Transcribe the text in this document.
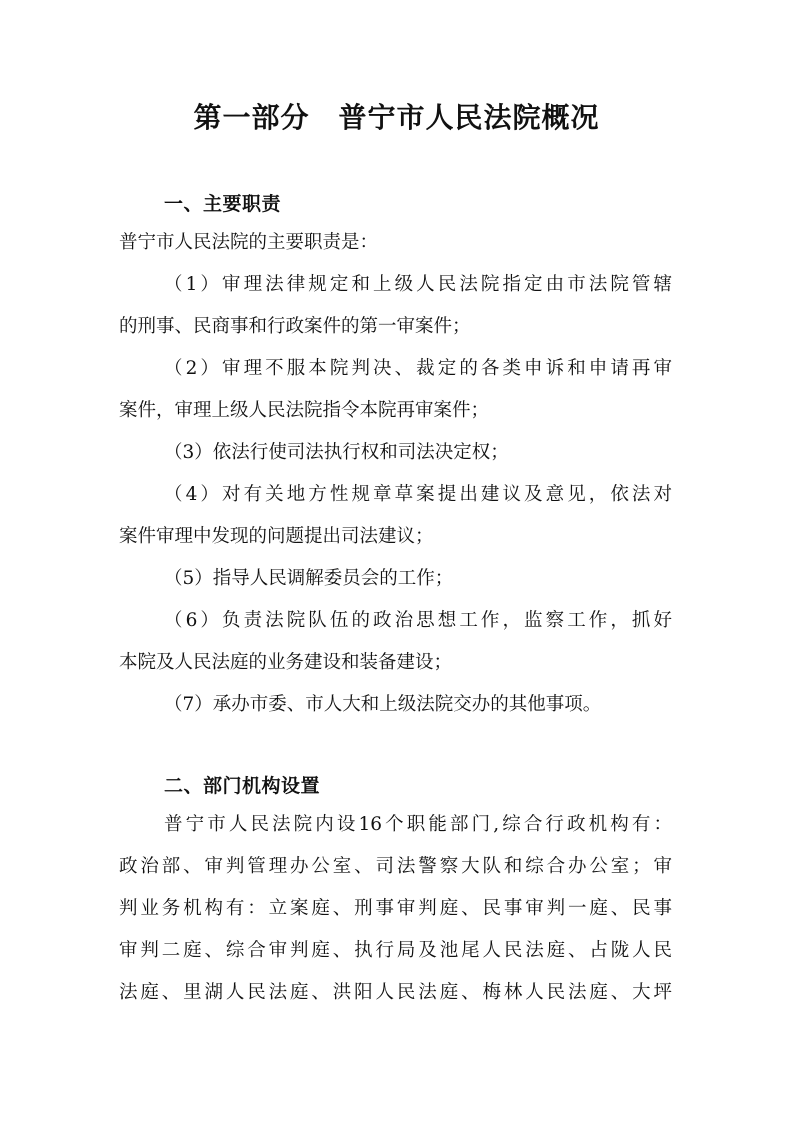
第一部分　普宁市人民法院概况
一、主要职责
普宁市人民法院的主要职责是：
（1）审理法律规定和上级人民法院指定由市法院管辖
的刑事、民商事和行政案件的第一审案件；
（2）审理不服本院判决、裁定的各类申诉和申请再审
案件，审理上级人民法院指令本院再审案件；
（3）依法行使司法执行权和司法决定权；
（4）对有关地方性规章草案提出建议及意见，依法对
案件审理中发现的问题提出司法建议；
（5）指导人民调解委员会的工作；
（6）负责法院队伍的政治思想工作，监察工作，抓好
本院及人民法庭的业务建设和装备建设；
（7）承办市委、市人大和上级法院交办的其他事项。
二、部门机构设置
普宁市人民法院内设16个职能部门,综合行政机构有：
政治部、审判管理办公室、司法警察大队和综合办公室；审
判业务机构有：立案庭、刑事审判庭、民事审判一庭、民事
审判二庭、综合审判庭、执行局及池尾人民法庭、占陇人民
法庭、里湖人民法庭、洪阳人民法庭、梅林人民法庭、大坪
